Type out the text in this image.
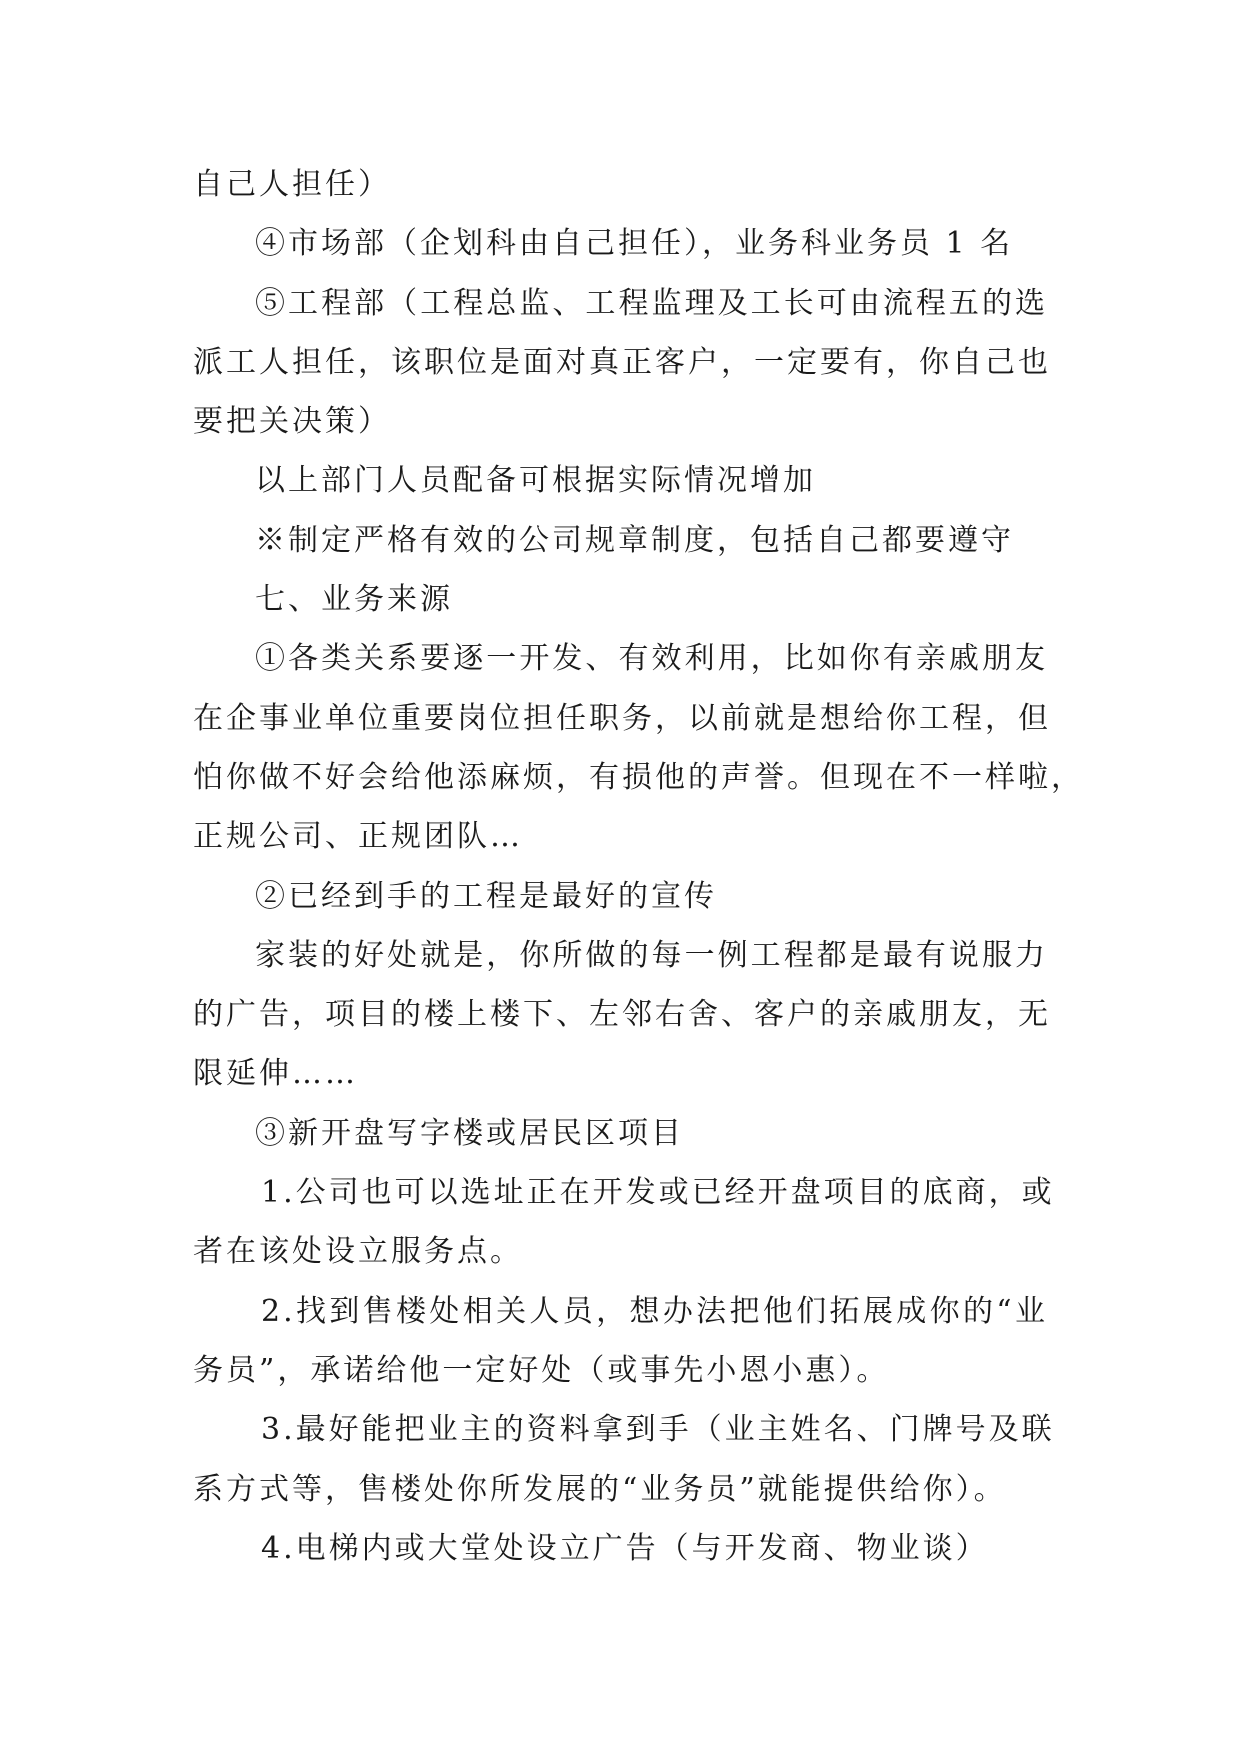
自己人担任）
④市场部（企划科由自己担任），业务科业务员 1 名
⑤工程部（工程总监、工程监理及工长可由流程五的选
派工人担任，该职位是面对真正客户，一定要有，你自己也
要把关决策）
以上部门人员配备可根据实际情况增加
※制定严格有效的公司规章制度，包括自己都要遵守
七、业务来源
①各类关系要逐一开发、有效利用，比如你有亲戚朋友
在企事业单位重要岗位担任职务，以前就是想给你工程，但
怕你做不好会给他添麻烦，有损他的声誉。但现在不一样啦，
正规公司、正规团队…
②已经到手的工程是最好的宣传
家装的好处就是，你所做的每一例工程都是最有说服力
的广告，项目的楼上楼下、左邻右舍、客户的亲戚朋友，无
限延伸……
③新开盘写字楼或居民区项目
1.公司也可以选址正在开发或已经开盘项目的底商，或
者在该处设立服务点。
2.找到售楼处相关人员，想办法把他们拓展成你的“业
务员”，承诺给他一定好处（或事先小恩小惠）。
3.最好能把业主的资料拿到手（业主姓名、门牌号及联
系方式等，售楼处你所发展的“业务员”就能提供给你）。
4.电梯内或大堂处设立广告（与开发商、物业谈）
